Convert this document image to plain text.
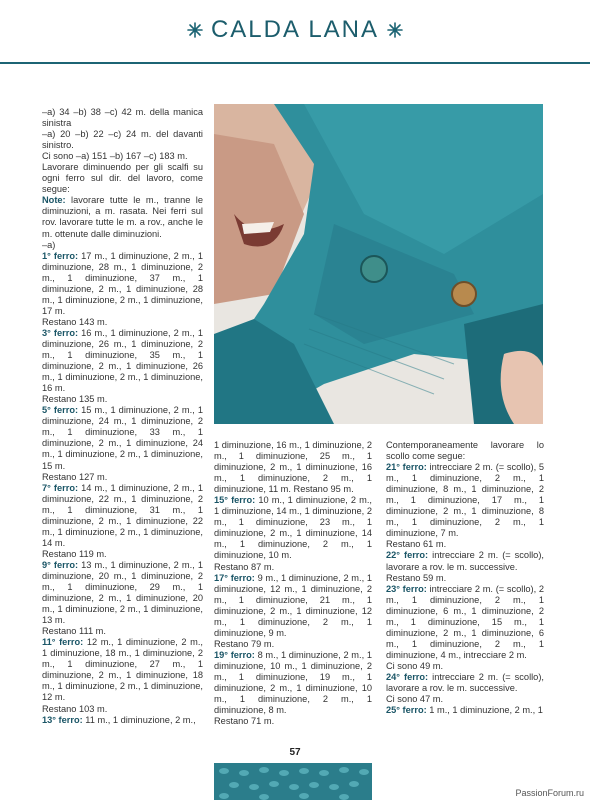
CALDA LANA

–a) 34 –b) 38 –c) 42 m. della manica sinistra

–a) 20 –b) 22 –c) 24 m. del davanti sinistro.

Ci sono –a) 151 –b) 167 –c) 183 m.

Lavorare diminuendo per gli scalfi su ogni ferro sul dir. del lavoro, come segue:

Note: lavorare tutte le m., tranne le diminuzioni, a m. rasata. Nei ferri sul rov. lavorare tutte le m. a rov., anche le m. ottenute dalle diminuzioni.

–a)

1° ferro: 17 m., 1 diminuzione, 2 m., 1 diminuzione, 28 m., 1 diminuzione, 2 m., 1 diminuzione, 37 m., 1 diminuzione, 2 m., 1 diminuzione, 28 m., 1 diminuzione, 2 m., 1 diminuzione, 17 m.

Restano 143 m.

3° ferro: 16 m., 1 diminuzione, 2 m., 1 diminuzione, 26 m., 1 diminuzione, 2 m., 1 diminuzione, 35 m., 1 diminuzione, 2 m., 1 diminuzione, 26 m., 1 diminuzione, 2 m., 1 diminuzione, 16 m.

Restano 135 m.

5° ferro: 15 m., 1 diminuzione, 2 m., 1 diminuzione, 24 m., 1 diminuzione, 2 m., 1 diminuzione, 33 m., 1 diminuzione, 2 m., 1 diminuzione, 24 m., 1 diminuzione, 2 m., 1 diminuzione, 15 m.

Restano 127 m.

7° ferro: 14 m., 1 diminuzione, 2 m., 1 diminuzione, 22 m., 1 diminuzione, 2 m., 1 diminuzione, 31 m., 1 diminuzione, 2 m., 1 diminuzione, 22 m., 1 diminuzione, 2 m., 1 diminuzione, 14 m.

Restano 119 m.

9° ferro: 13 m., 1 diminuzione, 2 m., 1 diminuzione, 20 m., 1 diminuzione, 2 m., 1 diminuzione, 29 m., 1 diminuzione, 2 m., 1 diminuzione, 20 m., 1 diminuzione, 2 m., 1 diminuzione, 13 m.

Restano 111 m.

11° ferro: 12 m., 1 diminuzione, 2 m., 1 diminuzione, 18 m., 1 diminuzione, 2 m., 1 diminuzione, 27 m., 1 diminuzione, 2 m., 1 diminuzione, 18 m., 1 diminuzione, 2 m., 1 diminuzione, 12 m.

Restano 103 m.

13° ferro: 11 m., 1 diminuzione, 2 m.,

1 diminuzione, 16 m., 1 diminuzione, 2 m., 1 diminuzione, 25 m., 1 diminuzione, 2 m., 1 diminuzione, 16 m., 1 diminuzione, 2 m., 1 diminuzione, 11 m. Restano 95 m.

15° ferro: 10 m., 1 diminuzione, 2 m., 1 diminuzione, 14 m., 1 diminuzione, 2 m., 1 diminuzione, 23 m., 1 diminuzione, 2 m., 1 diminuzione, 14 m., 1 diminuzione, 2 m., 1 diminuzione, 10 m.

Restano 87 m.

17° ferro: 9 m., 1 diminuzione, 2 m., 1 diminuzione, 12 m., 1 diminuzione, 2 m., 1 diminuzione, 21 m., 1 diminuzione, 2 m., 1 diminuzione, 12 m., 1 diminuzione, 2 m., 1 diminuzione, 9 m.

Restano 79 m.

19° ferro: 8 m., 1 diminuzione, 2 m., 1 diminuzione, 10 m., 1 diminuzione, 2 m., 1 diminuzione, 19 m., 1 diminuzione, 2 m., 1 diminuzione, 10 m., 1 diminuzione, 2 m., 1 diminuzione, 8 m.

Restano 71 m.

Contemporaneamente lavorare lo scollo come segue:

21° ferro: intrecciare 2 m. (= scollo), 5 m., 1 diminuzione, 2 m., 1 diminuzione, 8 m., 1 diminuzione, 2 m., 1 diminuzione, 17 m., 1 diminuzione, 2 m., 1 diminuzione, 8 m., 1 diminuzione, 2 m., 1 diminuzione, 7 m.

Restano 61 m.

22° ferro: intrecciare 2 m. (= scollo), lavorare a rov. le m. successive.

Restano 59 m.

23° ferro: intrecciare 2 m. (= scollo), 2 m., 1 diminuzione, 2 m., 1 diminuzione, 6 m., 1 diminuzione, 2 m., 1 diminuzione, 15 m., 1 diminuzione, 2 m., 1 diminuzione, 6 m., 1 diminuzione, 2 m., 1 diminuzione, 4 m., intrecciare 2 m.

Ci sono 49 m.

24° ferro: intrecciare 2 m. (= scollo), lavorare a rov. le m. successive.

Ci sono 47 m.

25° ferro: 1 m., 1 diminuzione, 2 m., 1

57
PassionForum.ru
